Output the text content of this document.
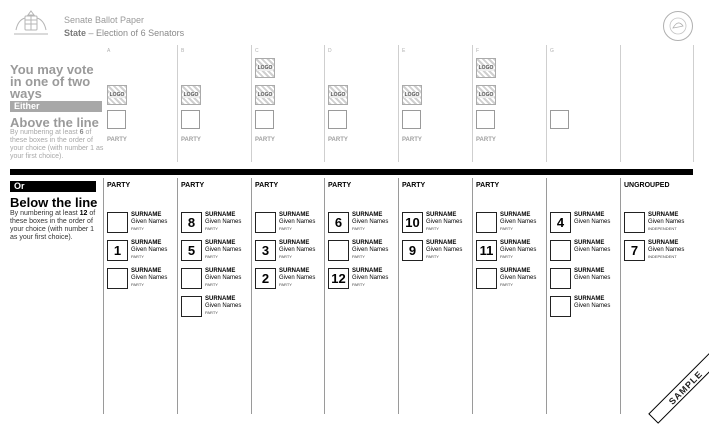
Senate Ballot Paper
State – Election of 6 Senators
You may vote in one of two ways
Either
Above the line
By numbering at least 6 of these boxes in the order of your choice (with number 1 as your first choice).
A
LOGO
PARTY
B
LOGO
PARTY
C
LOGO
LOGO
PARTY
D
LOGO
PARTY
E
LOGO
PARTY
F
LOGO
LOGO
PARTY
G
Or
Below the line
By numbering at least 12 of these boxes in the order of your choice (with number 1 as your first choice).
PARTY
SURNAME
Given Names
PARTY
1	SURNAME
Given Names
PARTY
SURNAME
Given Names
PARTY
PARTY
8	SURNAME
Given Names
PARTY
5	SURNAME
Given Names
PARTY
SURNAME
Given Names
PARTY
SURNAME
Given Names
PARTY
PARTY
SURNAME
Given Names
PARTY
3	SURNAME
Given Names
PARTY
2	SURNAME
Given Names
PARTY
PARTY
6	SURNAME
Given Names
PARTY
SURNAME
Given Names
PARTY
12	SURNAME
Given Names
PARTY
PARTY
10	SURNAME
Given Names
PARTY
9	SURNAME
Given Names
PARTY
PARTY
SURNAME
Given Names
PARTY
11	SURNAME
Given Names
PARTY
SURNAME
Given Names
PARTY
4	SURNAME
Given Names
SURNAME
Given Names
SURNAME
Given Names
SURNAME
Given Names
UNGROUPED
SURNAME
Given Names
INDEPENDENT
7	SURNAME
Given Names
INDEPENDENT
SAMPLE
